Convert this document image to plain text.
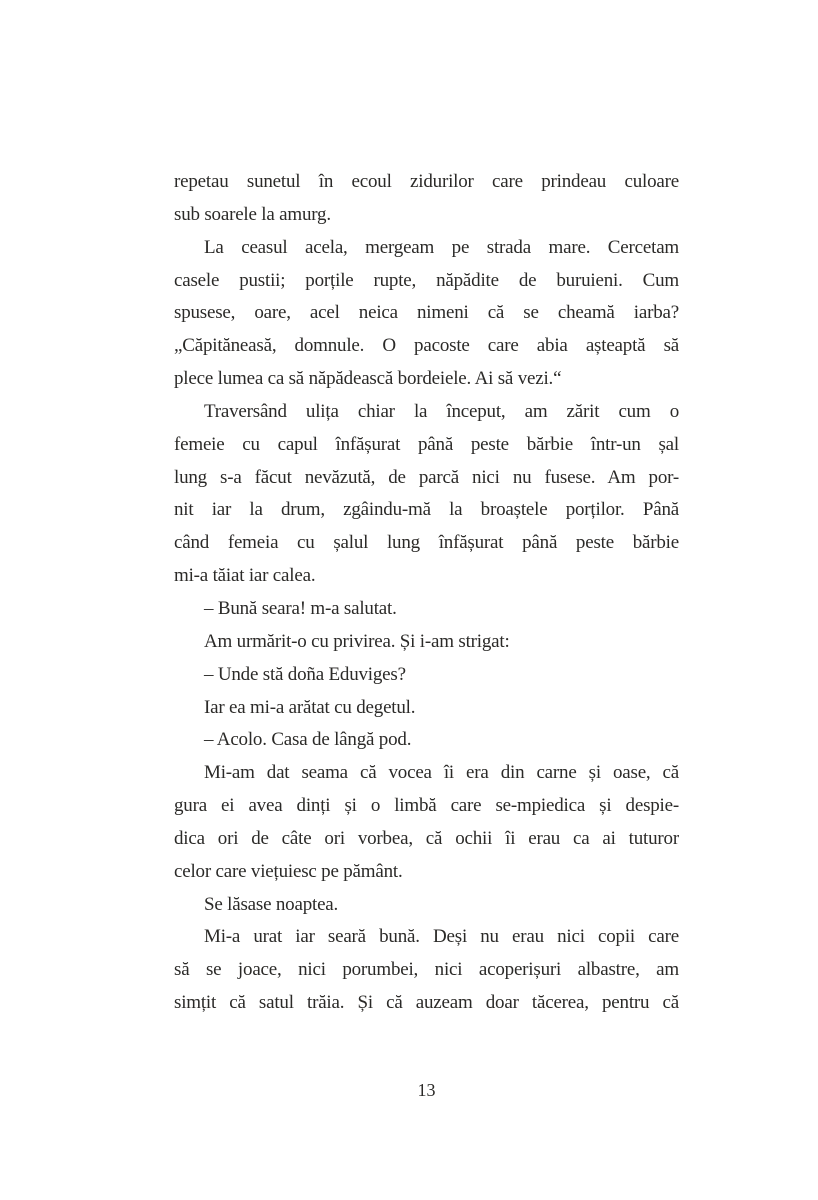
repetau sunetul în ecoul zidurilor care prindeau culoare
sub soarele la amurg.
La ceasul acela, mergeam pe strada mare. Cercetam
casele pustii; porțile rupte, năpădite de buruieni. Cum
spusese, oare, acel neica nimeni că se cheamă iarba?
„Căpităneasă, domnule. O pacoste care abia așteaptă să
plece lumea ca să năpădească bordeiele. Ai să vezi.“
Traversând ulița chiar la început, am zărit cum o
femeie cu capul înfășurat până peste bărbie într-un șal
lung s-a făcut nevăzută, de parcă nici nu fusese. Am por-
nit iar la drum, zgâindu-mă la broaștele porților. Până
când femeia cu șalul lung înfășurat până peste bărbie
mi-a tăiat iar calea.
– Bună seara! m-a salutat.
Am urmărit-o cu privirea. Și i-am strigat:
– Unde stă doña Eduviges?
Iar ea mi-a arătat cu degetul.
– Acolo. Casa de lângă pod.
Mi-am dat seama că vocea îi era din carne și oase, că
gura ei avea dinți și o limbă care se-mpiedica și despie-
dica ori de câte ori vorbea, că ochii îi erau ca ai tuturor
celor care viețuiesc pe pământ.
Se lăsase noaptea.
Mi-a urat iar seară bună. Deși nu erau nici copii care
să se joace, nici porumbei, nici acoperișuri albastre, am
simțit că satul trăia. Și că auzeam doar tăcerea, pentru că
13
